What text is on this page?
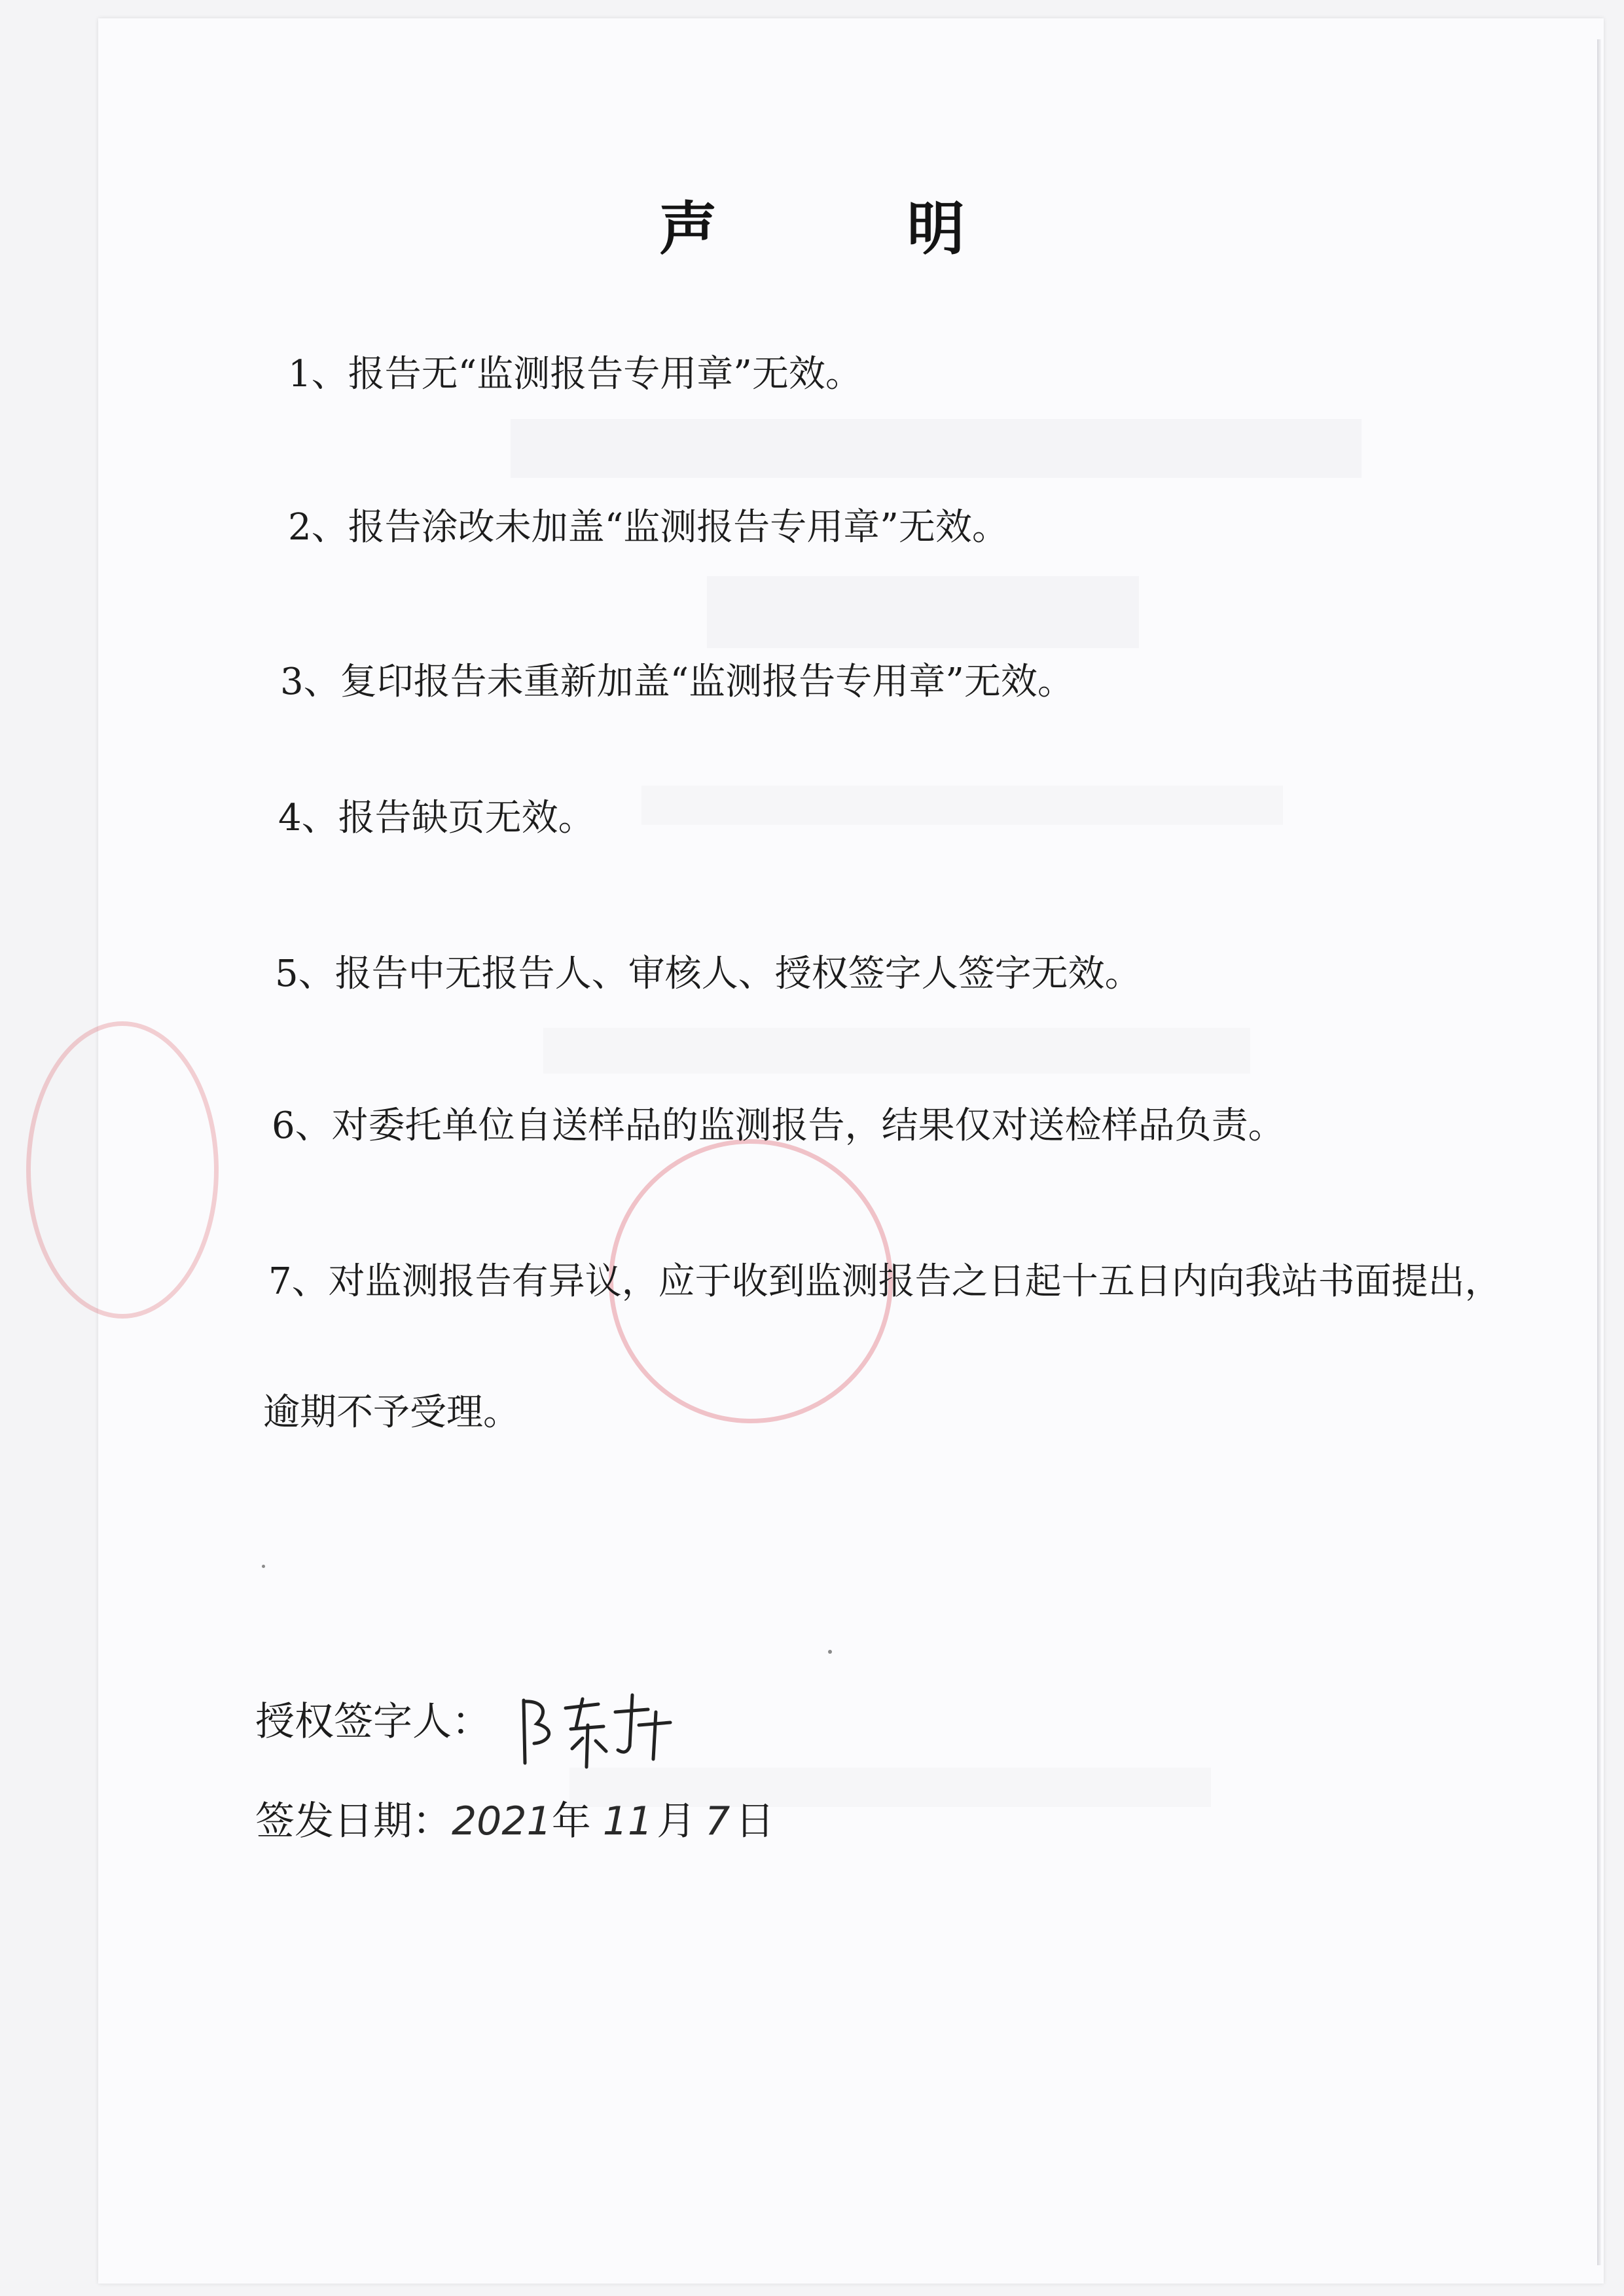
声 明
1、报告无“监测报告专用章”无效。
2、报告涂改未加盖“监测报告专用章”无效。
3、复印报告未重新加盖“监测报告专用章”无效。
4、报告缺页无效。
5、报告中无报告人、审核人、授权签字人签字无效。
6、对委托单位自送样品的监测报告，结果仅对送检样品负责。
7、对监测报告有异议，应于收到监测报告之日起十五日内向我站书面提出，
逾期不予受理。
授权签字人：
签发日期：2021年 11 月 7 日
